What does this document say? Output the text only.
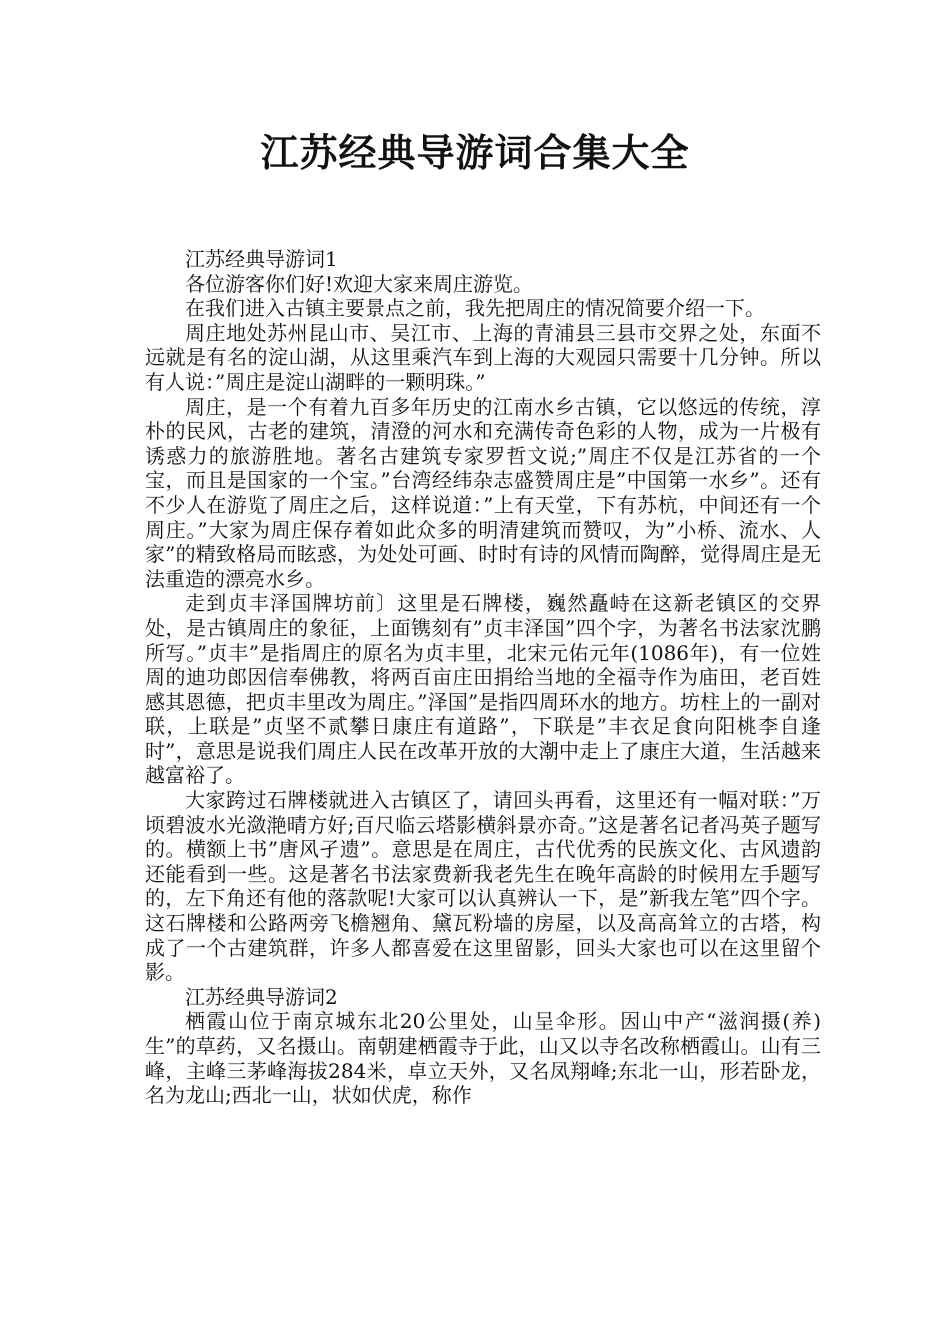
江苏经典导游词合集大全

江苏经典导游词1

各位游客你们好!欢迎大家来周庄游览。

在我们进入古镇主要景点之前，我先把周庄的情况简要介绍一下。

周庄地处苏州昆山市、吴江市、上海的青浦县三县市交界之处，东面不远就是有名的淀山湖，从这里乘汽车到上海的大观园只需要十几分钟。所以有人说：”周庄是淀山湖畔的一颗明珠。”

周庄，是一个有着九百多年历史的江南水乡古镇，它以悠远的传统，淳朴的民风，古老的建筑，清澄的河水和充满传奇色彩的人物，成为一片极有诱惑力的旅游胜地。著名古建筑专家罗哲文说;”周庄不仅是江苏省的一个宝，而且是国家的一个宝。”台湾经纬杂志盛赞周庄是”中国第一水乡”。还有不少人在游览了周庄之后，这样说道：”上有天堂，下有苏杭，中间还有一个周庄。”大家为周庄保存着如此众多的明清建筑而赞叹，为”小桥、流水、人家”的精致格局而眩惑，为处处可画、时时有诗的风情而陶醉，觉得周庄是无法重造的漂亮水乡。

走到贞丰泽国牌坊前〕这里是石牌楼，巍然矗峙在这新老镇区的交界处，是古镇周庄的象征，上面镌刻有”贞丰泽国”四个字，为著名书法家沈鹏所写。”贞丰”是指周庄的原名为贞丰里，北宋元佑元年(1086年)，有一位姓周的迪功郎因信奉佛教，将两百亩庄田捐给当地的全福寺作为庙田，老百姓感其恩德，把贞丰里改为周庄。”泽国”是指四周环水的地方。坊柱上的一副对联，上联是”贞坚不贰攀日康庄有道路”，下联是”丰衣足食向阳桃李自逢时”，意思是说我们周庄人民在改革开放的大潮中走上了康庄大道，生活越来越富裕了。

大家跨过石牌楼就进入古镇区了，请回头再看，这里还有一幅对联：”万顷碧波水光潋滟晴方好;百尺临云塔影横斜景亦奇。”这是著名记者冯英子题写的。横额上书”唐风孑遗”。意思是在周庄，古代优秀的民族文化、古风遗韵还能看到一些。这是著名书法家费新我老先生在晚年高龄的时候用左手题写的，左下角还有他的落款呢!大家可以认真辨认一下，是”新我左笔”四个字。这石牌楼和公路两旁飞檐翘角、黛瓦粉墙的房屋，以及高高耸立的古塔，构成了一个古建筑群，许多人都喜爱在这里留影，回头大家也可以在这里留个影。

江苏经典导游词2

栖霞山位于南京城东北20公里处，山呈伞形。因山中产“滋润摄(养)生”的草药，又名摄山。南朝建栖霞寺于此，山又以寺名改称栖霞山。山有三峰，主峰三茅峰海拔284米，卓立天外，又名凤翔峰;东北一山，形若卧龙，名为龙山;西北一山，状如伏虎，称作
